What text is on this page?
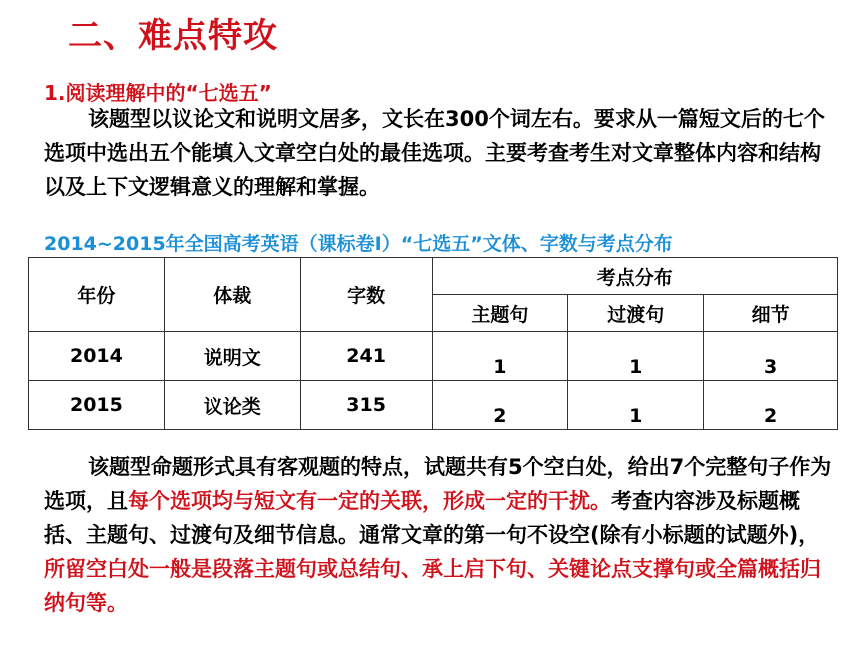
二、难点特攻
1.阅读理解中的“七选五”
该题型以议论文和说明文居多，文长在300个词左右。要求从一篇短文后的七个选项中选出五个能填入文章空白处的最佳选项。主要考查考生对文章整体内容和结构以及上下文逻辑意义的理解和掌握。
2014~2015年全国高考英语（课标卷Ⅰ）“七选五”文体、字数与考点分布
年份	体裁	字数	考点分布		
			主题句	过渡句	细节
2014	说明文	241	1	1	3
2015	议论类	315	2	1	2
该题型命题形式具有客观题的特点，试题共有5个空白处，给出7个完整句子作为选项，且每个选项均与短文有一定的关联，形成一定的干扰。考查内容涉及标题概括、主题句、过渡句及细节信息。通常文章的第一句不设空(除有小标题的试题外)，所留空白处一般是段落主题句或总结句、承上启下句、关键论点支撑句或全篇概括归纳句等。
